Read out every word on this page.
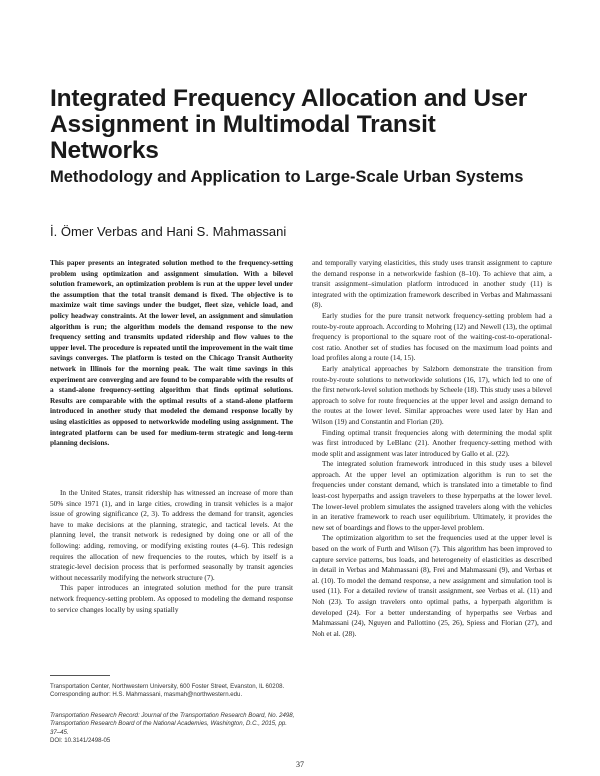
Integrated Frequency Allocation and User Assignment in Multimodal Transit Networks
Methodology and Application to Large-Scale Urban Systems
İ. Ömer Verbas and Hani S. Mahmassani

This paper presents an integrated solution method to the frequency-setting problem using optimization and assignment simulation. With a bilevel solution framework, an optimization problem is run at the upper level under the assumption that the total transit demand is fixed. The objective is to maximize wait time savings under the budget, fleet size, vehicle load, and policy headway constraints. At the lower level, an assignment and simulation algorithm is run; the algorithm models the demand response to the new frequency setting and transmits updated ridership and flow values to the upper level. The procedure is repeated until the improvement in the wait time savings converges. The platform is tested on the Chicago Transit Authority network in Illinois for the morning peak. The wait time savings in this experiment are converging and are found to be comparable with the results of a stand-alone frequency-setting algorithm that finds optimal solutions. Results are comparable with the optimal results of a stand-alone platform introduced in another study that modeled the demand response locally by using elasticities as opposed to networkwide modeling using assignment. The integrated platform can be used for medium-term strategic and long-term planning decisions.

In the United States, transit ridership has witnessed an increase of more than 50% since 1971 (1), and in large cities, crowding in transit vehicles is a major issue of growing significance (2, 3). To address the demand for transit, agencies have to make decisions at the planning, strategic, and tactical levels. At the planning level, the transit network is redesigned by doing one or all of the following: adding, removing, or modifying existing routes (4–6). This redesign requires the allocation of new frequencies to the routes, which by itself is a strategic-level decision process that is performed seasonally by transit agencies without necessarily modifying the network structure (7).

This paper introduces an integrated solution method for the pure transit network frequency-setting problem. As opposed to modeling the demand response to service changes locally by using spatially

and temporally varying elasticities, this study uses transit assignment to capture the demand response in a networkwide fashion (8–10). To achieve that aim, a transit assignment–simulation platform introduced in another study (11) is integrated with the optimization framework described in Verbas and Mahmassani (8).

Early studies for the pure transit network frequency-setting problem had a route-by-route approach. According to Mohring (12) and Newell (13), the optimal frequency is proportional to the square root of the waiting-cost-to-operational-cost ratio. Another set of studies has focused on the maximum load points and load profiles along a route (14, 15).

Early analytical approaches by Salzborn demonstrate the transition from route-by-route solutions to networkwide solutions (16, 17), which led to one of the first network-level solution methods by Scheele (18). This study uses a bilevel approach to solve for route frequencies at the upper level and assign demand to the routes at the lower level. Similar approaches were used later by Han and Wilson (19) and Constantin and Florian (20).

Finding optimal transit frequencies along with determining the modal split was first introduced by LeBlanc (21). Another frequency-setting method with mode split and assignment was later introduced by Gallo et al. (22).

The integrated solution framework introduced in this study uses a bilevel approach. At the upper level an optimization algorithm is run to set the frequencies under constant demand, which is translated into a timetable to find least-cost hyperpaths and assign travelers to these hyperpaths at the lower level. The lower-level problem simulates the assigned travelers along with the vehicles in an iterative framework to reach user equilibrium. Ultimately, it provides the new set of boardings and flows to the upper-level problem.

The optimization algorithm to set the frequencies used at the upper level is based on the work of Furth and Wilson (7). This algorithm has been improved to capture service patterns, bus loads, and heterogeneity of elasticities as described in detail in Verbas and Mahmassani (8), Frei and Mahmassani (9), and Verbas et al. (10). To model the demand response, a new assignment and simulation tool is used (11). For a detailed review of transit assignment, see Verbas et al. (11) and Noh (23). To assign travelers onto optimal paths, a hyperpath algorithm is developed (24). For a better understanding of hyperpaths see Verbas and Mahmassani (24), Nguyen and Pallottino (25, 26), Spiess and Florian (27), and Noh et al. (28).

Transportation Center, Northwestern University, 600 Foster Street, Evanston, IL 60208. Corresponding author: H.S. Mahmassani, masmah@northwestern.edu.
Transportation Research Record: Journal of the Transportation Research Board, No. 2498, Transportation Research Board of the National Academies, Washington, D.C., 2015, pp. 37–45.
DOI: 10.3141/2498-05
37
